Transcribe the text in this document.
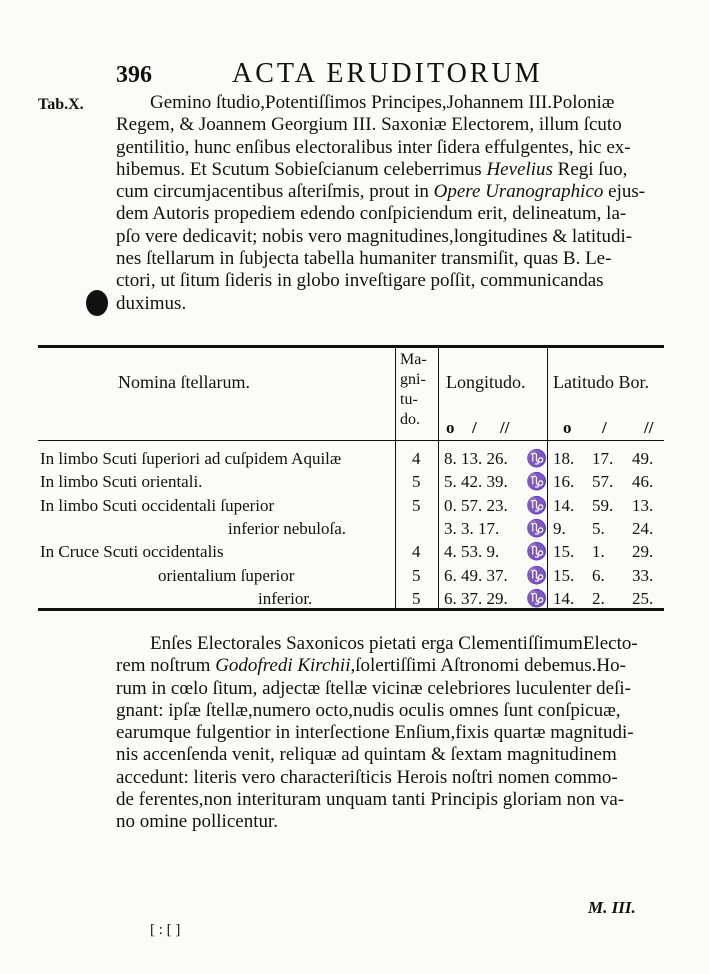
396	ACTA ERUDITORUM
Tab.X.	Gemino ſtudio,Potentiſſimos Principes,Johannem III.Poloniæ
Regem, & Joannem Georgium III. Saxoniæ Electorem, illum ſcuto
gentilitio, hunc enſibus electoralibus inter ſidera effulgentes, hic ex-
hibemus. Et Scutum Sobieſcianum celeberrimus Hevelius Regi ſuo,
cum circumjacentibus aſteriſmis, prout in Opere Uranographico ejus-
dem Autoris propediem edendo conſpiciendum erit, delineatum, la-
pſo vere dedicavit; nobis vero magnitudines,longitudines & latitudi-
nes ſtellarum in ſubjecta tabella humaniter transmiſit, quas B. Le-
ctori, ut ſitum ſideris in globo inveſtigare poſſit, communicandas
duximus.
Nomina ſtellarum.
Ma-
gni-
tu-
do.
Longitudo. Latitudo Bor.
o / //	o / //
In limbo Scuti ſuperiori ad cuſpidem Aquilæ	4 8. 13. 26. ♑ 18. 17. 49.
In limbo Scuti orientali.	5 5. 42. 39. ♑ 16. 57. 46.
In limbo Scuti occidentali ſuperior	5 0. 57. 23. ♑ 14. 59. 13.
inferior nebuloſa.	3. 3. 17. ♑ 9. 5. 24.
In Cruce Scuti occidentalis	4 4. 53. 9. ♑ 15. 1. 29.
orientalium ſuperior	5 6. 49. 37. ♑ 15. 6. 33.
inferior.	5 6. 37. 29. ♑ 14. 2. 25.
Enſes Electorales Saxonicos pietati erga ClementiſſimumElecto-
rem noſtrum Godofredi Kirchii,ſolertiſſimi Aſtronomi debemus.Ho-
rum in cœlo ſitum, adjectæ ſtellæ vicinæ celebriores luculenter deſi-
gnant: ipſæ ſtellæ,numero octo,nudis oculis omnes ſunt conſpicuæ,
earumque fulgentior in interſectione Enſium,fixis quartæ magnitudi-
nis accenſenda venit, reliquæ ad quintam & ſextam magnitudinem
accedunt: literis vero characteriſticis Herois noſtri nomen commo-
de ferentes,non interituram unquam tanti Principis gloriam non va-
no omine pollicentur.
M. III.
[ : [ ]
